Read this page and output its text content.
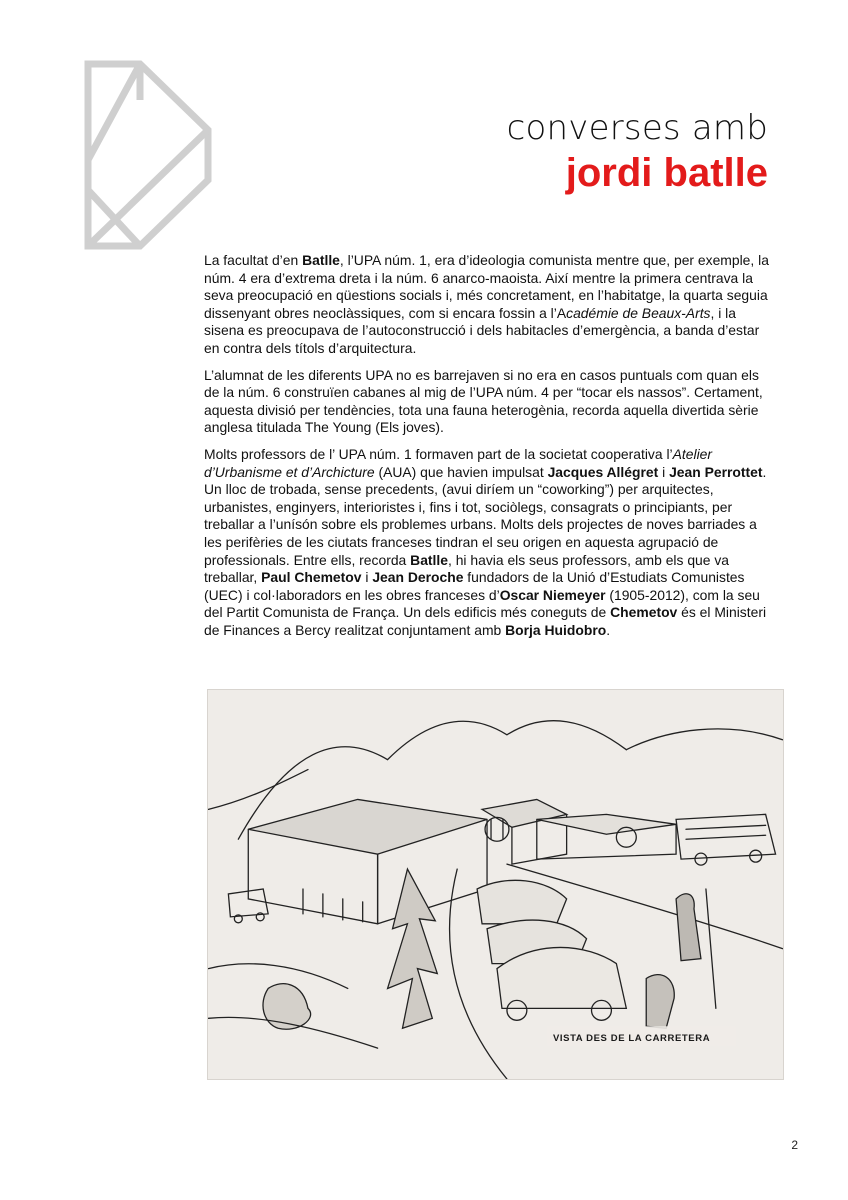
converses amb
jordi batlle

La facultat d’en Batlle, l’UPA núm. 1, era d’ideologia comunista mentre que, per exemple, la núm. 4 era d’extrema dreta i la núm. 6 anarco-maoista. Així mentre la primera centrava la seva preocupació en qüestions socials i, més concretament, en l’habitatge, la quarta seguia dissenyant obres neoclàssiques, com si encara fossin a l’Académie de Beaux-Arts, i la sisena es preocupava de l’autoconstrucció i dels habitacles d’emergència, a banda d’estar en contra dels títols d’arquitectura.

L’alumnat de les diferents UPA no es barrejaven si no era en casos puntuals com quan els de la núm. 6 construïen cabanes al mig de l’UPA núm. 4 per “tocar els nassos”. Certament, aquesta divisió per tendències, tota una fauna heterogènia, recorda aquella divertida sèrie anglesa titulada The Young (Els joves).

Molts professors de l’ UPA núm. 1 formaven part de la societat cooperativa l’Atelier d’Urbanisme et d’Archicture (AUA) que havien impulsat Jacques Allégret i Jean Perrottet. Un lloc de trobada, sense precedents, (avui diríem un “coworking”) per arquitectes, urbanistes, enginyers, interioristes i, fins i tot, sociòlegs, consagrats o principiants, per treballar a l’unísón sobre els problemes urbans. Molts dels projectes de noves barriades a les perifèries de les ciutats franceses tindran el seu origen en aquesta agrupació de professionals. Entre ells, recorda Batlle, hi havia els seus professors, amb els que va treballar, Paul Chemetov i Jean Deroche fundadors de la Unió d’Estudiats Comunistes (UEC) i col·laboradors en les obres franceses d’Oscar Niemeyer (1905-2012), com la seu del Partit Comunista de França. Un dels edificis més coneguts de Chemetov és el Ministeri de Finances a Bercy realitzat conjuntament amb Borja Huidobro.

VISTA DES DE LA CARRETERA
2
